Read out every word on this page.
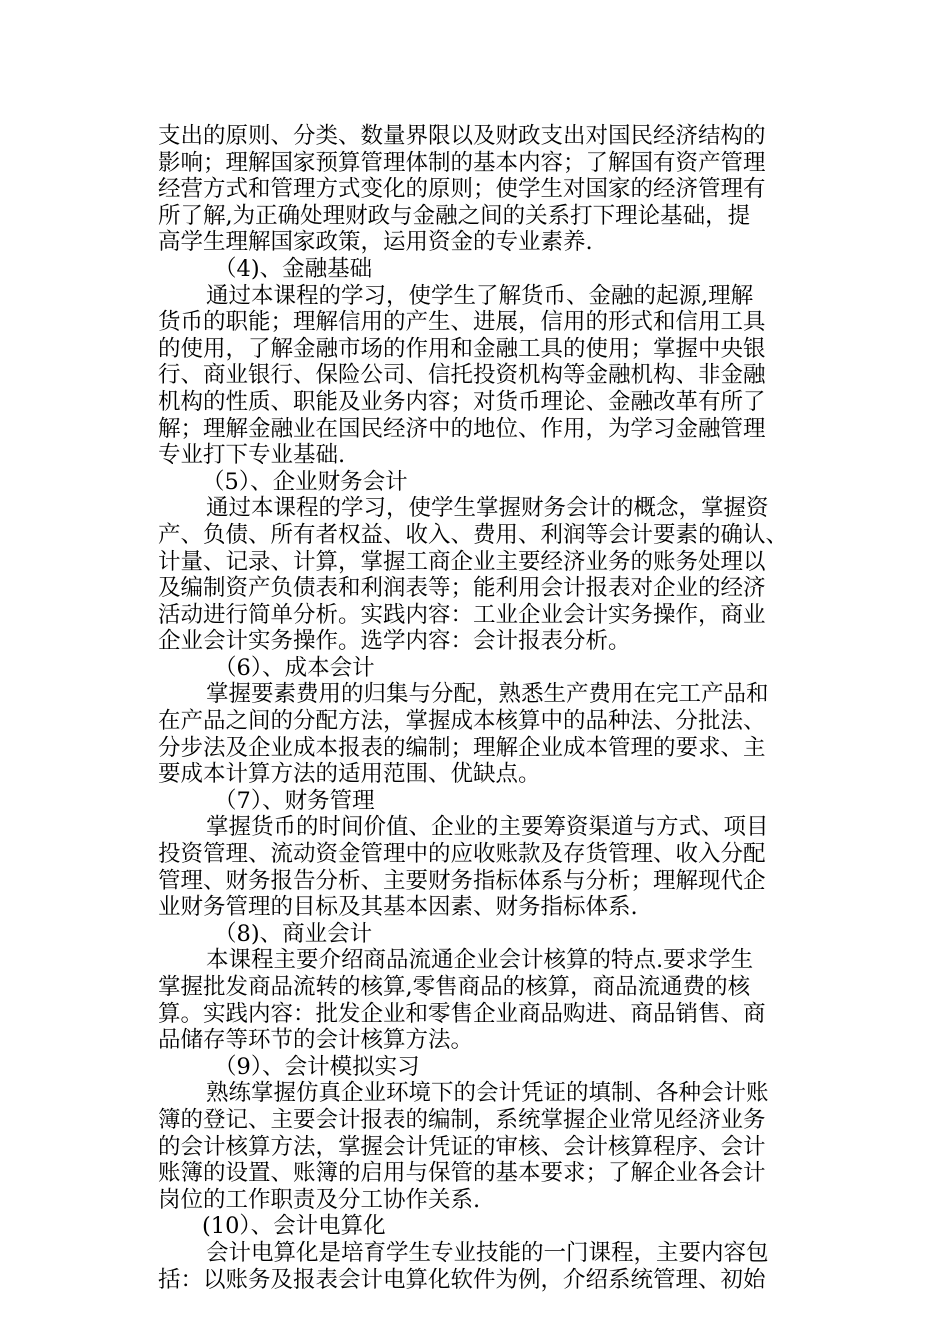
支出的原则、分类、数量界限以及财政支出对国民经济结构的
影响；理解国家预算管理体制的基本内容；了解国有资产管理
经营方式和管理方式变化的原则；使学生对国家的经济管理有
所了解,为正确处理财政与金融之间的关系打下理论基础，提
高学生理解国家政策，运用资金的专业素养.
（4)、金融基础
通过本课程的学习，使学生了解货币、金融的起源,理解
货币的职能；理解信用的产生、进展，信用的形式和信用工具
的使用，了解金融市场的作用和金融工具的使用；掌握中央银
行、商业银行、保险公司、信托投资机构等金融机构、非金融
机构的性质、职能及业务内容；对货币理论、金融改革有所了
解；理解金融业在国民经济中的地位、作用，为学习金融管理
专业打下专业基础.
（5）、企业财务会计
通过本课程的学习，使学生掌握财务会计的概念，掌握资
产、负债、所有者权益、收入、费用、利润等会计要素的确认、
计量、记录、计算，掌握工商企业主要经济业务的账务处理以
及编制资产负债表和利润表等；能利用会计报表对企业的经济
活动进行简单分析。实践内容：工业企业会计实务操作，商业
企业会计实务操作。选学内容：会计报表分析。
（6）、成本会计
掌握要素费用的归集与分配，熟悉生产费用在完工产品和
在产品之间的分配方法，掌握成本核算中的品种法、分批法、
分步法及企业成本报表的编制；理解企业成本管理的要求、主
要成本计算方法的适用范围、优缺点。
（7）、财务管理
掌握货币的时间价值、企业的主要筹资渠道与方式、项目
投资管理、流动资金管理中的应收账款及存货管理、收入分配
管理、财务报告分析、主要财务指标体系与分析；理解现代企
业财务管理的目标及其基本因素、财务指标体系.
（8)、商业会计
本课程主要介绍商品流通企业会计核算的特点.要求学生
掌握批发商品流转的核算,零售商品的核算，商品流通费的核
算。实践内容：批发企业和零售企业商品购进、商品销售、商
品储存等环节的会计核算方法。
（9）、会计模拟实习
熟练掌握仿真企业环境下的会计凭证的填制、各种会计账
簿的登记、主要会计报表的编制，系统掌握企业常见经济业务
的会计核算方法，掌握会计凭证的审核、会计核算程序、会计
账簿的设置、账簿的启用与保管的基本要求；了解企业各会计
岗位的工作职责及分工协作关系.
(10）、会计电算化
会计电算化是培育学生专业技能的一门课程，主要内容包
括：以账务及报表会计电算化软件为例，介绍系统管理、初始
